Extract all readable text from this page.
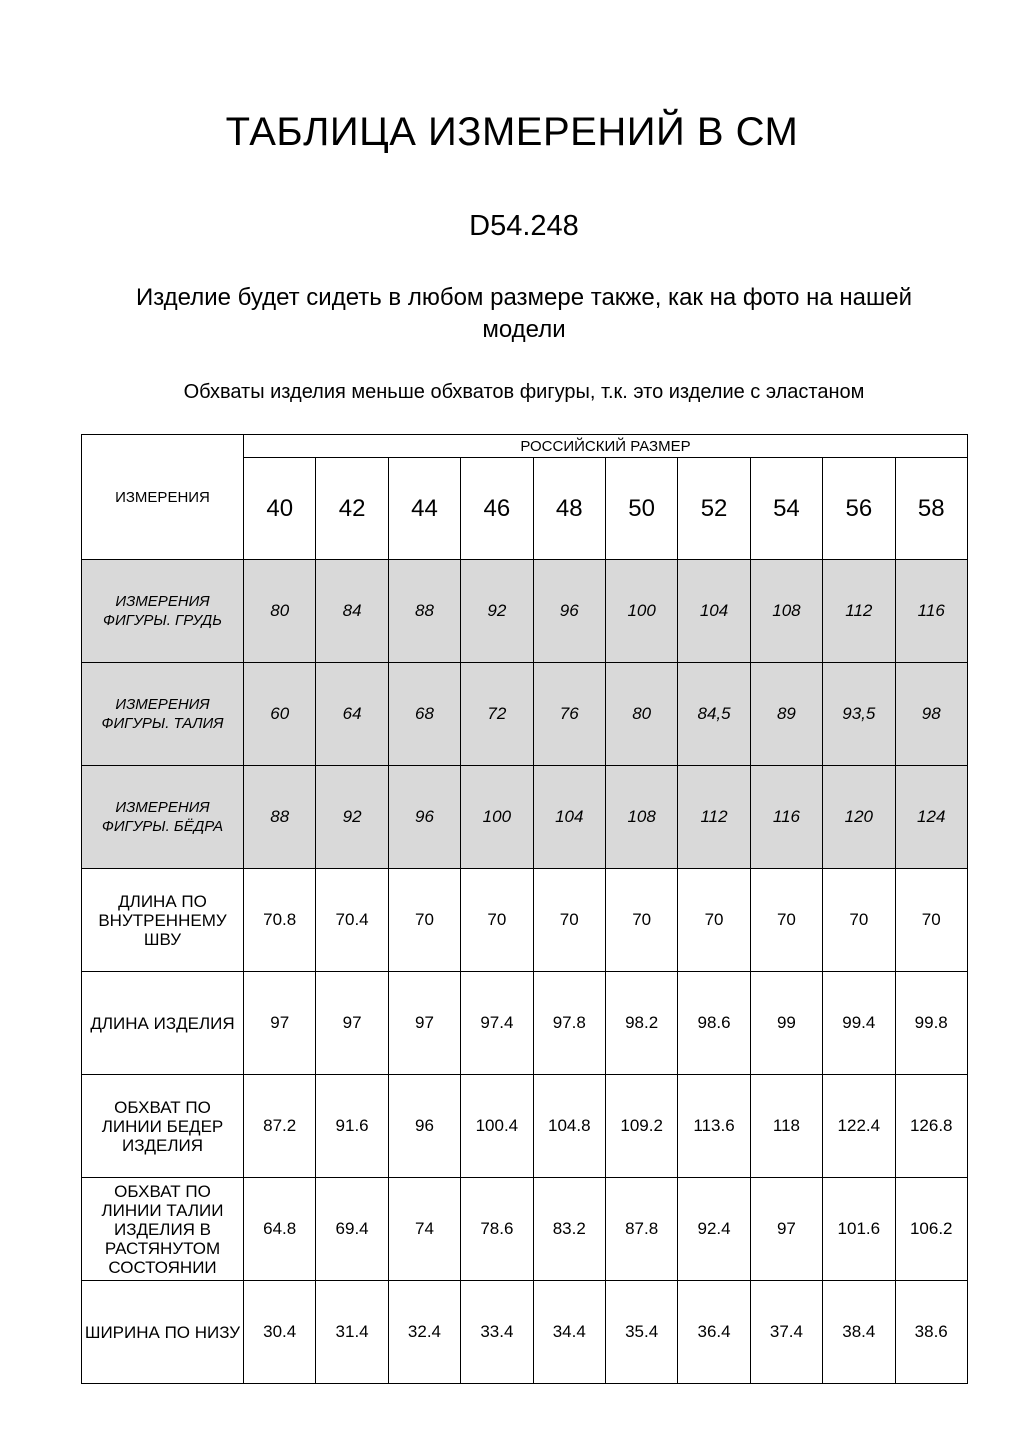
ТАБЛИЦА ИЗМЕРЕНИЙ В СМ
D54.248
Изделие будет сидеть в любом размере также, как на фото на нашей модели
Обхваты изделия меньше обхватов фигуры, т.к. это изделие с эластаном
ИЗМЕРЕНИЯ	РОССИЙСКИЙ РАЗМЕР									
	40	42	44	46	48	50	52	54	56	58
ИЗМЕРЕНИЯ ФИГУРЫ. ГРУДЬ	80	84	88	92	96	100	104	108	112	116
ИЗМЕРЕНИЯ ФИГУРЫ. ТАЛИЯ	60	64	68	72	76	80	84,5	89	93,5	98
ИЗМЕРЕНИЯ ФИГУРЫ. БЁДРА	88	92	96	100	104	108	112	116	120	124
ДЛИНА ПО ВНУТРЕННЕМУ ШВУ	70.8	70.4	70	70	70	70	70	70	70	70
ДЛИНА ИЗДЕЛИЯ	97	97	97	97.4	97.8	98.2	98.6	99	99.4	99.8
ОБХВАТ ПО ЛИНИИ БЕДЕР ИЗДЕЛИЯ	87.2	91.6	96	100.4	104.8	109.2	113.6	118	122.4	126.8
ОБХВАТ ПО ЛИНИИ ТАЛИИ ИЗДЕЛИЯ В РАСТЯНУТОМ СОСТОЯНИИ	64.8	69.4	74	78.6	83.2	87.8	92.4	97	101.6	106.2
ШИРИНА ПО НИЗУ	30.4	31.4	32.4	33.4	34.4	35.4	36.4	37.4	38.4	38.6
